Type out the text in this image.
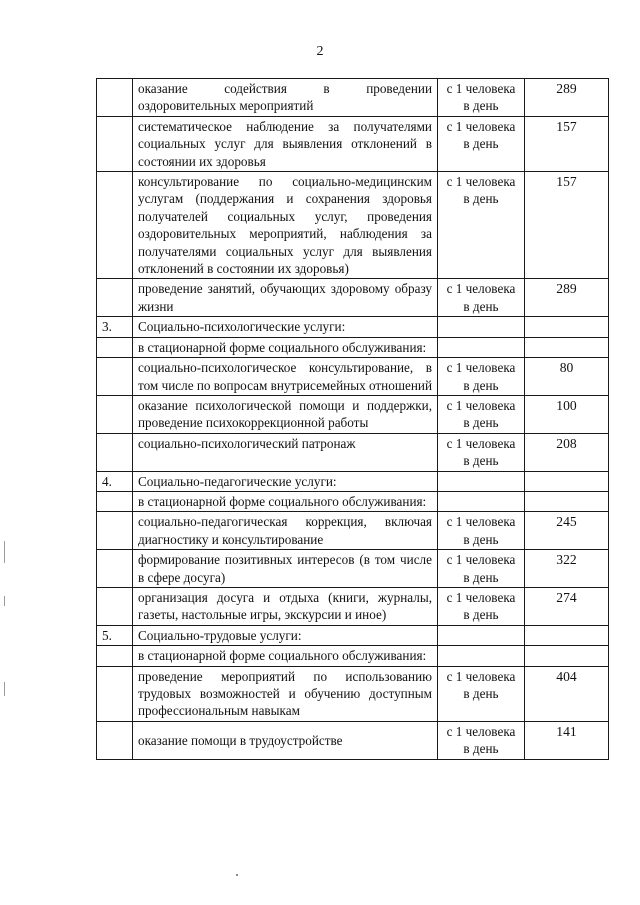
2
	оказание содействия в проведении оздоровительных мероприятий	с 1 человека в день	289
	систематическое наблюдение за получателями социальных услуг для выявления отклонений в состоянии их здоровья	с 1 человека в день	157
	консультирование по социально-медицинским услугам (поддержания и сохранения здоровья получателей социальных услуг, проведения оздоровительных мероприятий, наблюдения за получателями социальных услуг для выявления отклонений в состоянии их здоровья)	с 1 человека в день	157
	проведение занятий, обучающих здоровому образу жизни	с 1 человека в день	289
3.	Социально-психологические услуги:		
	в стационарной форме социального обслуживания:		
	социально-психологическое консультирование, в том числе по вопросам внутрисемейных отношений	с 1 человека в день	80
	оказание психологической помощи и поддержки, проведение психокоррекционной работы	с 1 человека в день	100
	социально-психологический патронаж	с 1 человека в день	208
4.	Социально-педагогические услуги:		
	в стационарной форме социального обслуживания:		
	социально-педагогическая коррекция, включая диагностику и консультирование	с 1 человека в день	245
	формирование позитивных интересов (в том числе в сфере досуга)	с 1 человека в день	322
	организация досуга и отдыха (книги, журналы, газеты, настольные игры, экскурсии и иное)	с 1 человека в день	274
5.	Социально-трудовые услуги:		
	в стационарной форме социального обслуживания:		
	проведение мероприятий по использованию трудовых возможностей и обучению доступным профессиональным навыкам	с 1 человека в день	404
	оказание помощи в трудоустройстве	с 1 человека в день	141
